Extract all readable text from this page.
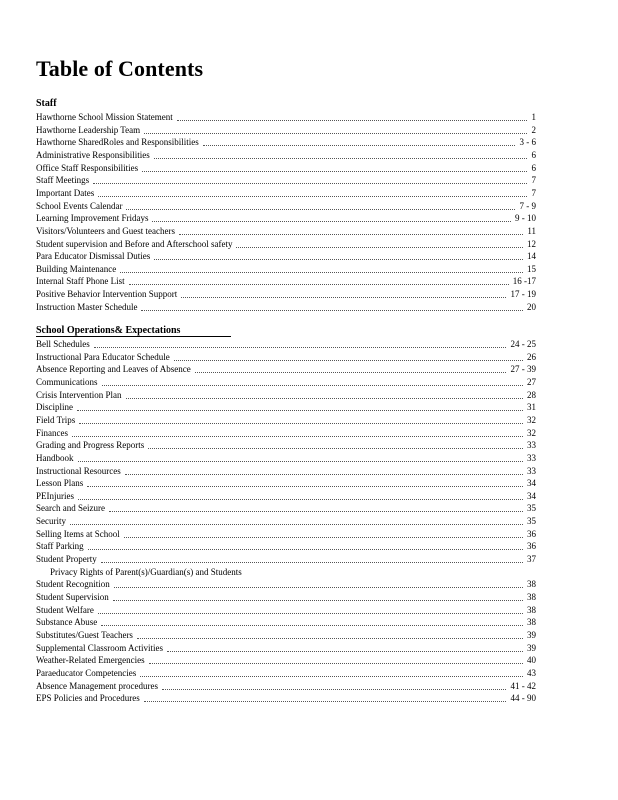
Table of Contents
Staff
Hawthorne School Mission Statement	1
Hawthorne Leadership Team	2
Hawthorne SharedRoles and Responsibilities	3 - 6
Administrative Responsibilities	6
Office Staff Responsibilities	6
Staff Meetings	7
Important Dates	7
School Events Calendar	7 - 9
Learning Improvement Fridays	9 - 10
Visitors/Volunteers and Guest teachers	11
Student supervision and Before and Afterschool safety	12
Para Educator Dismissal Duties	14
Building Maintenance	15
Internal Staff Phone List	16 -17
Positive Behavior Intervention Support	17 - 19
Instruction Master Schedule	20
School Operations& Expectations
Bell Schedules	24 - 25
Instructional Para Educator Schedule	26
Absence Reporting and Leaves of Absence	27 - 39
Communications	27
Crisis Intervention Plan	28
Discipline	31
Field Trips	32
Finances	32
Grading and Progress Reports	33
Handbook	33
Instructional Resources	33
Lesson Plans	34
PEInjuries	34
Search and Seizure	35
Security	35
Selling Items at School	36
Staff Parking	36
Student Property	37
Privacy Rights of Parent(s)/Guardian(s) and Students
Student Recognition	38
Student Supervision	38
Student Welfare	38
Substance Abuse	38
Substitutes/Guest Teachers	39
Supplemental Classroom Activities	39
Weather-Related Emergencies	40
Paraeducator Competencies	43
Absence Management procedures	41 - 42
EPS Policies and Procedures	44 - 90
